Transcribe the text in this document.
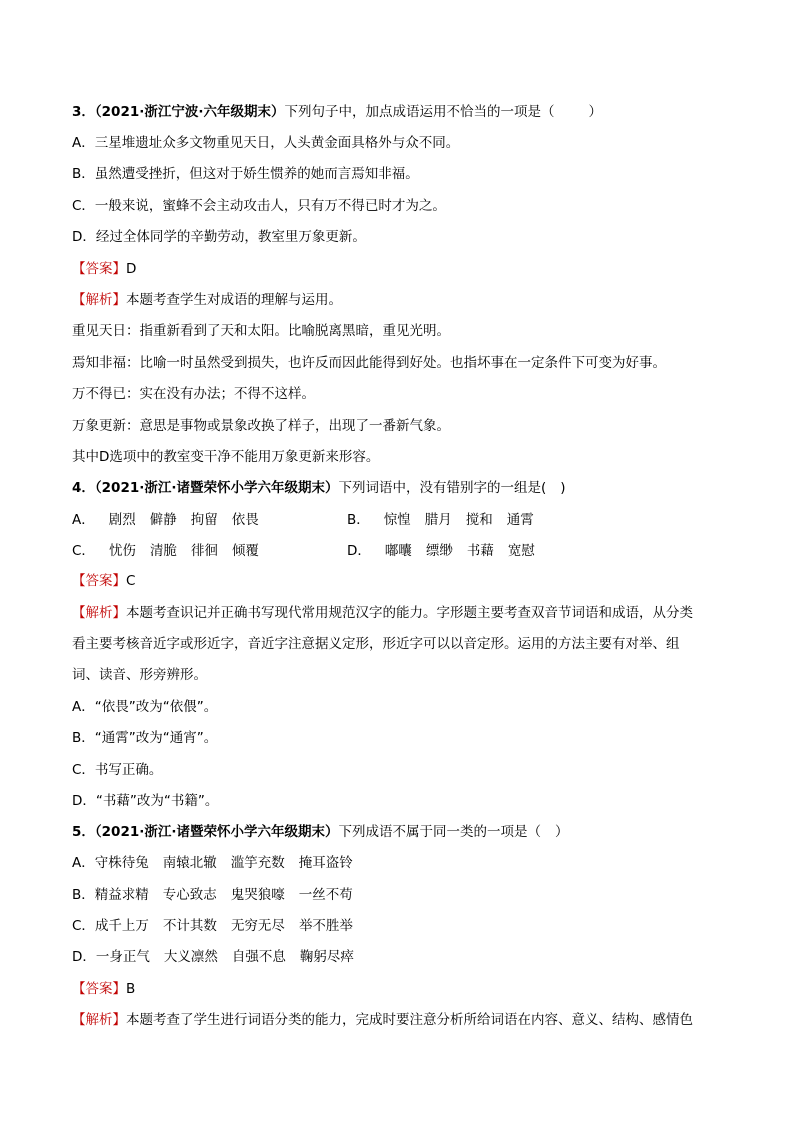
3．（2021·浙江宁波·六年级期末）下列句子中，加点成语运用不恰当的一项是（	）
A．三星堆遗址众多文物重见天日，人头黄金面具格外与众不同。
B．虽然遭受挫折，但这对于娇生惯养的她而言焉知非福。
C．一般来说，蜜蜂不会主动攻击人，只有万不得已时才为之。
D．经过全体同学的辛勤劳动，教室里万象更新。
【答案】D
【解析】本题考查学生对成语的理解与运用。
重见天日：指重新看到了天和太阳。比喻脱离黑暗，重见光明。
焉知非福：比喻一时虽然受到损失，也许反而因此能得到好处。也指坏事在一定条件下可变为好事。
万不得已：实在没有办法；不得不这样。
万象更新：意思是事物或景象改换了样子，出现了一番新气象。
其中D选项中的教室变干净不能用万象更新来形容。
4．（2021·浙江·诸暨荣怀小学六年级期末）下列词语中，没有错别字的一组是( )
A． 剧烈 僻静 拘留 依畏	B． 惊惶 腊月 搅和 通霄
C． 忧伤 清脆 徘徊 倾覆	D． 嘟囔 缥缈 书藉 宽慰
【答案】C
【解析】本题考查识记并正确书写现代常用规范汉字的能力。字形题主要考查双音节词语和成语，从分类
看主要考核音近字或形近字，音近字注意据义定形，形近字可以以音定形。运用的方法主要有对举、组
词、读音、形旁辨形。
A．“依畏”改为“依偎”。
B．“通霄”改为“通宵”。
C．书写正确。
D．“书藉”改为“书籍”。
5．（2021·浙江·诸暨荣怀小学六年级期末）下列成语不属于同一类的一项是（ ）
A．守株待兔 南辕北辙 滥竽充数 掩耳盗铃
B．精益求精 专心致志 鬼哭狼嚎 一丝不苟
C．成千上万 不计其数 无穷无尽 举不胜举
D．一身正气 大义凛然 自强不息 鞠躬尽瘁
【答案】B
【解析】本题考查了学生进行词语分类的能力，完成时要注意分析所给词语在内容、意义、结构、感情色
